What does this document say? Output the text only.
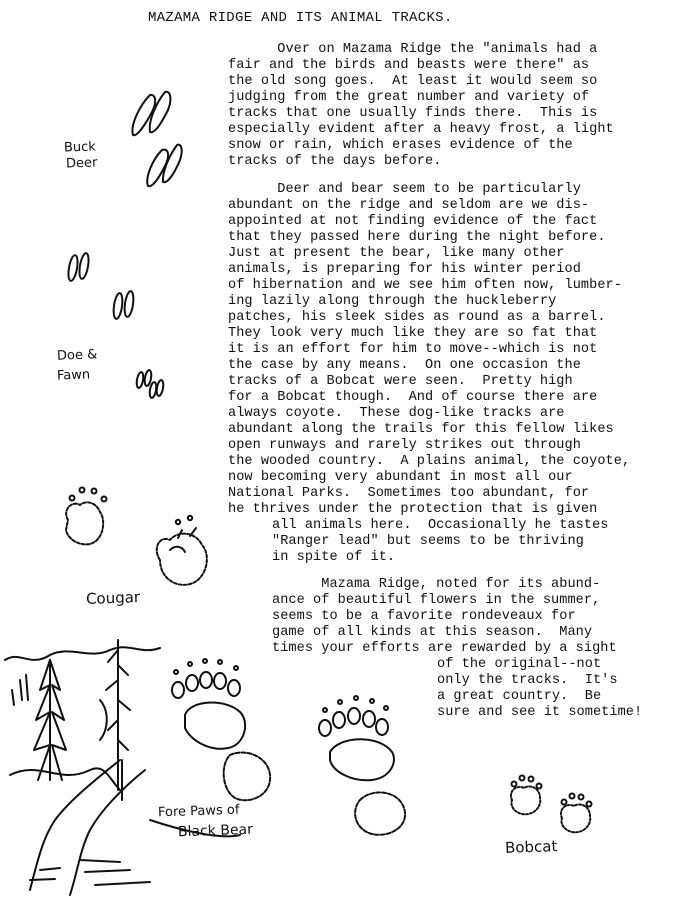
MAZAMA RIDGE AND ITS ANIMAL TRACKS.
Over on Mazama Ridge the "animals had a
fair and the birds and beasts were there" as
the old song goes.  At least it would seem so
judging from the great number and variety of
tracks that one usually finds there.  This is
especially evident after a heavy frost, a light
snow or rain, which erases evidence of the
tracks of the days before.
Deer and bear seem to be particularly
abundant on the ridge and seldom are we dis-
appointed at not finding evidence of the fact
that they passed here during the night before.
Just at present the bear, like many other
animals, is preparing for his winter period
of hibernation and we see him often now, lumber-
ing lazily along through the huckleberry
patches, his sleek sides as round as a barrel.
They look very much like they are so fat that
it is an effort for him to move--which is not
the case by any means.  On one occasion the
tracks of a Bobcat were seen.  Pretty high
for a Bobcat though.  And of course there are
always coyote.  These dog-like tracks are
abundant along the trails for this fellow likes
open runways and rarely strikes out through
the wooded country.  A plains animal, the coyote,
now becoming very abundant in most all our
National Parks.  Sometimes too abundant, for
he thrives under the protection that is given
all animals here.  Occasionally he tastes
"Ranger lead" but seems to be thriving
in spite of it.
Mazama Ridge, noted for its abund-
ance of beautiful flowers in the summer,
seems to be a favorite rondeveaux for
game of all kinds at this season.  Many
times your efforts are rewarded by a sight
of the original--not
only the tracks.  It's
a great country.  Be
sure and see it sometime!
Buck
Deer
Doe &
Fawn
Cougar
Fore Paws of
Black Bear
Bobcat
